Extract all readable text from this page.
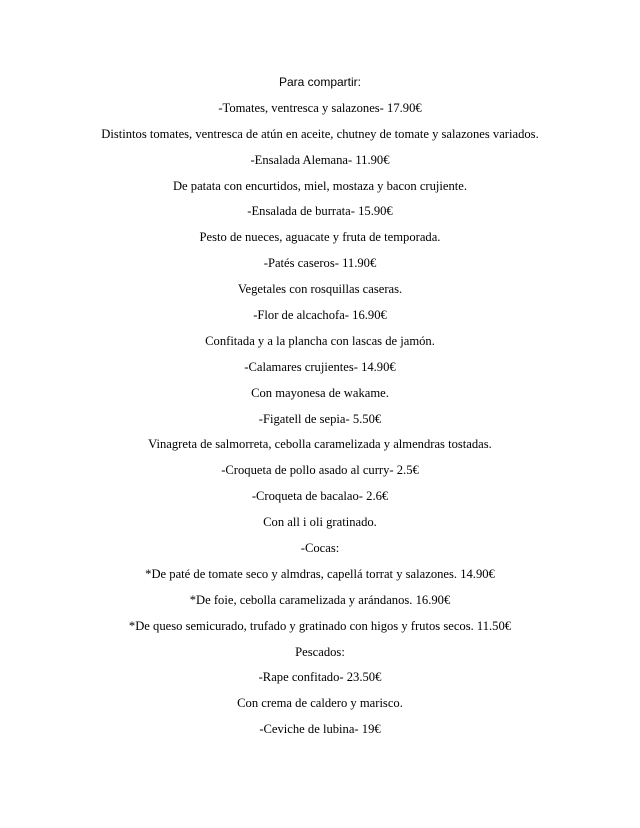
Para compartir:
-Tomates, ventresca y salazones- 17.90€
Distintos tomates, ventresca de atún en aceite, chutney de tomate y salazones variados.
-Ensalada Alemana- 11.90€
De patata con encurtidos, miel, mostaza y bacon crujiente.
-Ensalada de burrata- 15.90€
Pesto de nueces, aguacate y fruta de temporada.
-Patés caseros- 11.90€
Vegetales con rosquillas caseras.
-Flor de alcachofa- 16.90€
Confitada y a la plancha con lascas de jamón.
-Calamares crujientes- 14.90€
Con mayonesa de wakame.
-Figatell de sepia- 5.50€
Vinagreta de salmorreta, cebolla caramelizada y almendras tostadas.
-Croqueta de pollo asado al curry- 2.5€
-Croqueta de bacalao- 2.6€
Con all i oli gratinado.
-Cocas:
*De paté de tomate seco y almdras, capellá torrat y salazones. 14.90€
*De foie, cebolla caramelizada y arándanos. 16.90€
*De queso semicurado, trufado y gratinado con higos y frutos secos. 11.50€
Pescados:
-Rape confitado- 23.50€
Con crema de caldero y marisco.
-Ceviche de lubina- 19€
